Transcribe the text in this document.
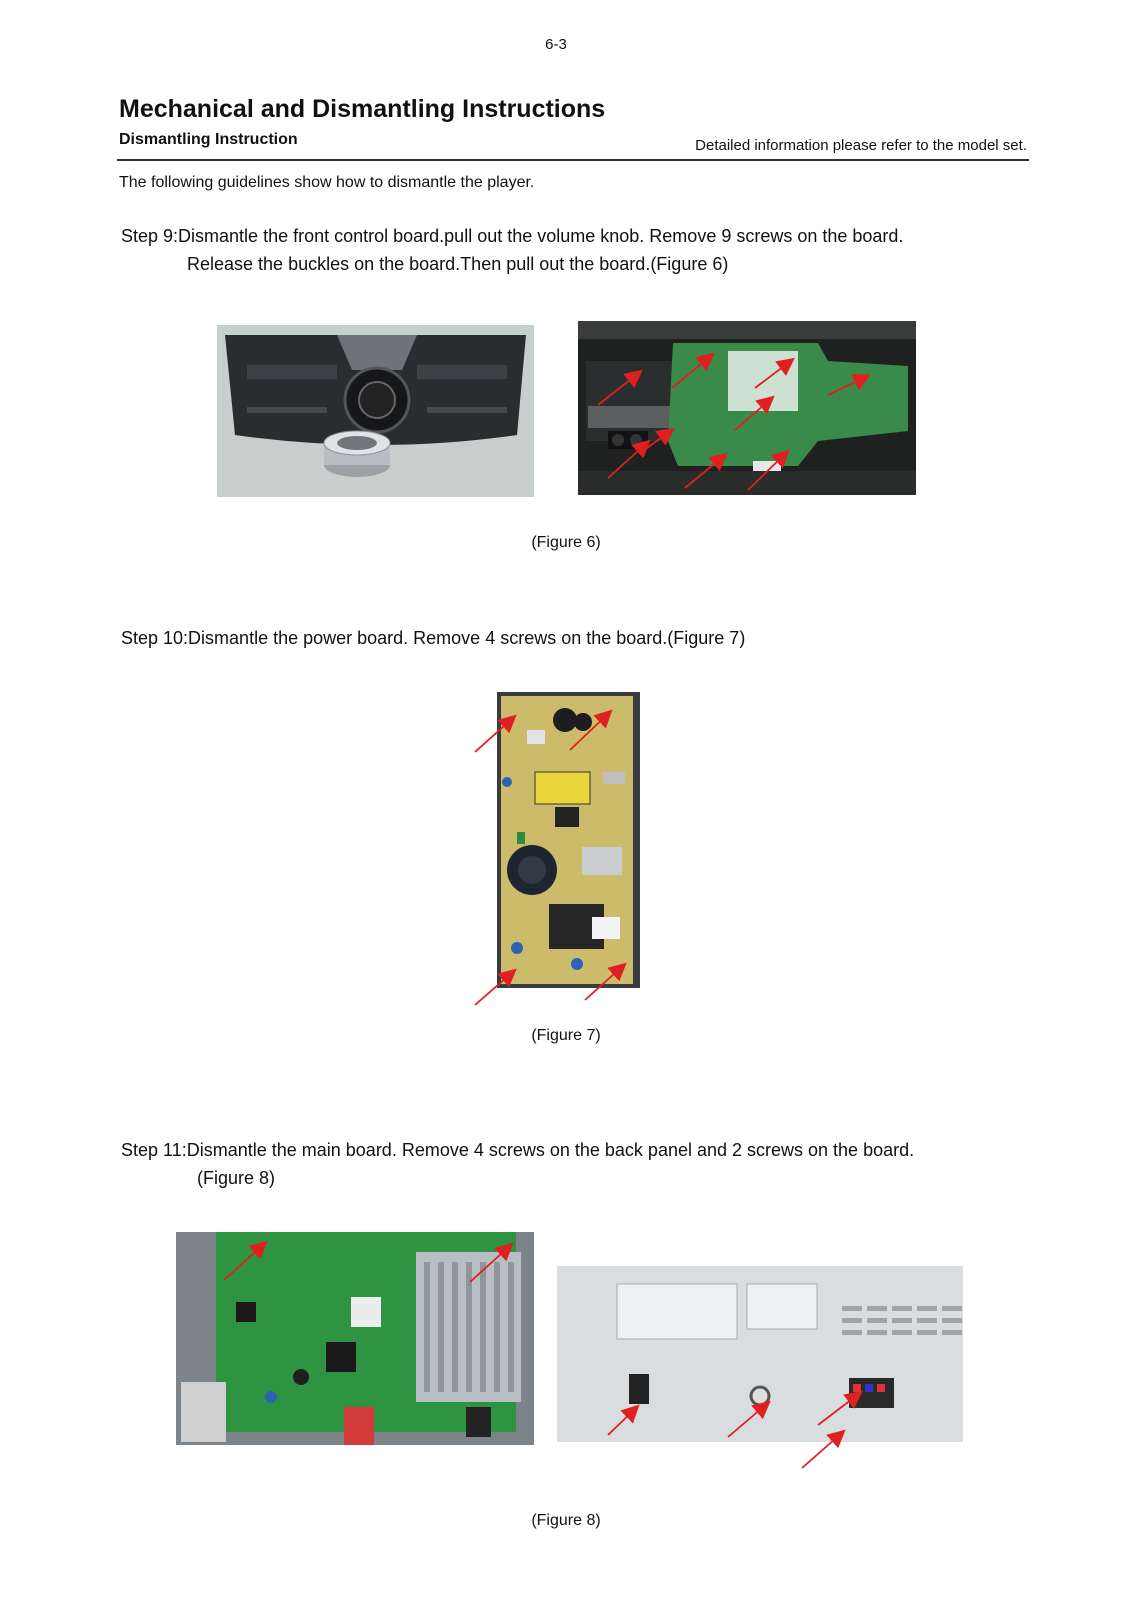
6-3
Mechanical and Dismantling Instructions
Dismantling Instruction	Detailed information please refer to the model set.
The following guidelines show how to dismantle the player.
Step 9:Dismantle the front control board.pull out the volume knob. Remove 9 screws on the board.
Release the buckles on the board.Then pull out the board.(Figure 6)
(Figure 6)
Step 10:Dismantle the power board. Remove 4 screws on the board.(Figure 7)
(Figure 7)
Step 11:Dismantle the main board. Remove 4 screws on the back panel and 2 screws on the board.
(Figure 8)
(Figure 8)
